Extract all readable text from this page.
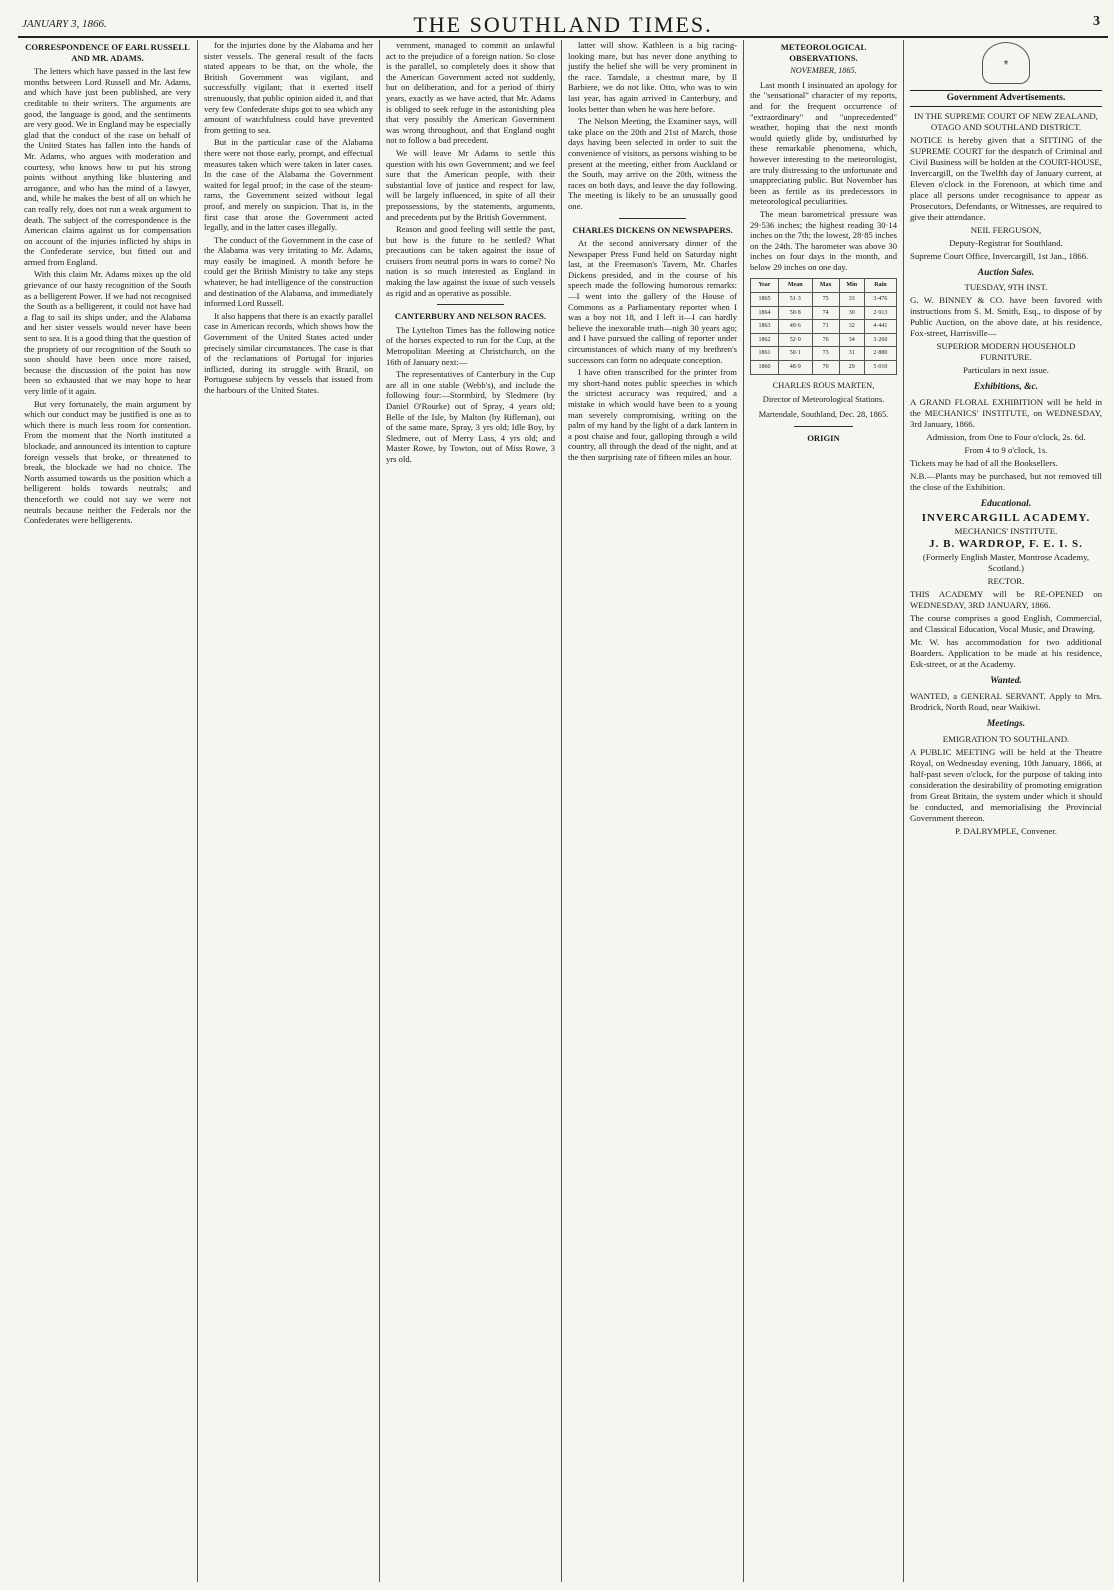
JANUARY 3, 1866.	THE SOUTHLAND TIMES.	3
CORRESPONDENCE OF EARL RUSSELL AND MR. ADAMS.

The letters which have passed in the last few months between Lord Russell and Mr. Adams, and which have just been published, are very creditable to their writers. The arguments are good, the language is good, and the sentiments are very good. We in England may be especially glad that the conduct of the case on behalf of the United States has fallen into the hands of Mr. Adams, who argues with moderation and courtesy, who knows how to put his strong points without anything like blustering and arrogance, and who has the mind of a lawyer, and, while he makes the best of all on which he can really rely, does not run a weak argument to death. The subject of the correspondence is the American claims against us for compensation on account of the injuries inflicted by ships in the Confederate service, but fitted out and armed from England.

With this claim Mr. Adams mixes up the old grievance of our hasty recognition of the South as a belligerent Power. If we had not recognised the South as a belligerent, it could not have had a flag to sail its ships under, and the Alabama and her sister vessels would never have been sent to sea. It is a good thing that the question of the propriety of our recognition of the South so soon should have been once more raised, because the discussion of the point has now been so exhausted that we may hope to hear very little of it again.

But very fortunately, the main argument by which our conduct may be justified is one as to which there is much less room for contention. From the moment that the North instituted a blockade, and announced its intention to capture foreign vessels that broke, or threatened to break, the blockade we had no choice. The North assumed towards us the position which a belligerent holds towards neutrals; and thenceforth we could not say we were not neutrals because neither the Federals nor the Confederates were belligerents.

for the injuries done by the Alabama and her sister vessels. The general result of the facts stated appears to be that, on the whole, the British Government was vigilant, and successfully vigilant; that it exerted itself strenuously, that public opinion aided it, and that very few Confederate ships got to sea which any amount of watchfulness could have prevented from getting to sea.

But in the particular case of the Alabama there were not those early, prompt, and effectual measures taken which were taken in later cases. In the case of the Alabama the Government waited for legal proof; in the case of the steam-rams, the Government seized without legal proof, and merely on suspicion. That is, in the first case that arose the Government acted legally, and in the latter cases illegally.

The conduct of the Government in the case of the Alabama was very irritating to Mr. Adams, may easily be imagined. A month before he could get the British Ministry to take any steps whatever, he had intelligence of the construction and destination of the Alabama, and immediately informed Lord Russell.

It also happens that there is an exactly parallel case in American records, which shows how the Government of the United States acted under precisely similar circumstances. The case is that of the reclamations of Portugal for injuries inflicted, during its struggle with Brazil, on Portuguese subjects by vessels that issued from the harbours of the United States.

vernment, managed to commit an unlawful act to the prejudice of a foreign nation. So close is the parallel, so completely does it show that the American Government acted not suddenly, but on deliberation, and for a period of thirty years, exactly as we have acted, that Mr. Adams is obliged to seek refuge in the astonishing plea that very possibly the American Government was wrong throughout, and that England ought not to follow a bad precedent.

We will leave Mr Adams to settle this question with his own Government; and we feel sure that the American people, with their substantial love of justice and respect for law, will be largely influenced, in spite of all their prepossessions, by the statements, arguments, and precedents put by the British Government.

Reason and good feeling will settle the past, but how is the future to be settled? What precautions can be taken against the issue of cruisers from neutral ports in wars to come? No nation is so much interested as England in making the law against the issue of such vessels as rigid and as operative as possible.

CANTERBURY AND NELSON RACES.

The Lyttelton Times has the following notice of the horses expected to run for the Cup, at the Metropolitan Meeting at Christchurch, on the 16th of January next:—

The representatives of Canterbury in the Cup are all in one stable (Webb's), and include the following four:—Stormbird, by Sledmere (by Daniel O'Rourke) out of Spray, 4 years old; Belle of the Isle, by Malton (by Rifleman), out of the same mare, Spray, 3 yrs old; Idle Boy, by Sledmere, out of Merry Lass, 4 yrs old; and Master Rowe, by Towton, out of Miss Rowe, 3 yrs old.

latter will show. Kathleen is a big racing-looking mare, but has never done anything to justify the belief she will be very prominent in the race. Tarndale, a chestnut mare, by Il Barbiere, we do not like. Otto, who was to win last year, has again arrived in Canterbury, and looks better than when he was here before.

The Nelson Meeting, the Examiner says, will take place on the 20th and 21st of March, those days having been selected in order to suit the convenience of visitors, as persons wishing to be present at the meeting, either from Auckland or the South, may arrive on the 20th, witness the races on both days, and leave the day following. The meeting is likely to be an unusually good one.

CHARLES DICKENS ON NEWSPAPERS.

At the second anniversary dinner of the Newspaper Press Fund held on Saturday night last, at the Freemason's Tavern, Mr. Charles Dickens presided, and in the course of his speech made the following humorous remarks:—I went into the gallery of the House of Commons as a Parliamentary reporter when I was a boy not 18, and I left it—I can hardly believe the inexorable truth—nigh 30 years ago; and I have pursued the calling of reporter under circumstances of which many of my brethren's successors can form no adequate conception.

I have often transcribed for the printer from my short-hand notes public speeches in which the strictest accuracy was required, and a mistake in which would have been to a young man severely compromising, writing on the palm of my hand by the light of a dark lantern in a post chaise and four, galloping through a wild country, all through the dead of the night, and at the then surprising rate of fifteen miles an hour.

METEOROLOGICAL OBSERVATIONS.
NOVEMBER, 1865.

Last month I insinuated an apology for the "sensational" character of my reports, and for the frequent occurrence of "extraordinary" and "unprecedented" weather, hoping that the next month would quietly glide by, undisturbed by these remarkable phenomena, which, however interesting to the meteorologist, are truly distressing to the unfortunate and unappreciating public. But November has been as fertile as its predecessors in meteorological peculiarities.

The mean barometrical pressure was 29·536 inches; the highest reading 30·14 inches on the 7th; the lowest, 28·85 inches on the 24th. The barometer was above 30 inches on four days in the month, and below 29 inches on one day.

Year	Mean	Max	Min	Rain
1865	51·3	75	33	3·476
1864	50·8	74	30	2·913
1863	49·6	71	32	4·441
1862	52·0	76	34	3·260
1861	50·1	73	31	2·880
1860	48·9	70	29	5·010
CHARLES ROUS MARTEN,
Director of Meteorological Stations.
Martendale, Southland, Dec. 28, 1865.
ORIGIN
⚜
Government Advertisements.

IN THE SUPREME COURT OF NEW ZEALAND, OTAGO AND SOUTHLAND DISTRICT.

NOTICE is hereby given that a SITTING of the SUPREME COURT for the despatch of Criminal and Civil Business will be holden at the COURT-HOUSE, Invercargill, on the Twelfth day of January current, at Eleven o'clock in the Forenoon, at which time and place all persons under recognisance to appear as Prosecutors, Defendants, or Witnesses, are required to give their attendance.

NEIL FERGUSON,

Deputy-Registrar for Southland.

Supreme Court Office, Invercargill, 1st Jan., 1866.

Auction Sales.

TUESDAY, 9TH INST.

G. W. BINNEY & CO. have been favored with instructions from S. M. Smith, Esq., to dispose of by Public Auction, on the above date, at his residence, Fox-street, Harrisville—

SUPERIOR MODERN HOUSEHOLD FURNITURE.

Particulars in next issue.

Exhibitions, &c.

A GRAND FLORAL EXHIBITION will be held in the MECHANICS' INSTITUTE, on WEDNESDAY, 3rd January, 1866.

Admission, from One to Four o'clock, 2s. 6d.

From 4 to 9 o'clock, 1s.

Tickets may be had of all the Booksellers.

N.B.—Plants may be purchased, but not removed till the close of the Exhibition.

Educational.

INVERCARGILL ACADEMY.

MECHANICS' INSTITUTE.

J. B. WARDROP, F. E. I. S.

(Formerly English Master, Montrose Academy, Scotland.)

RECTOR.

THIS ACADEMY will be RE-OPENED on WEDNESDAY, 3RD JANUARY, 1866.

The course comprises a good English, Commercial, and Classical Education, Vocal Music, and Drawing.

Mr. W. has accommodation for two additional Boarders. Application to be made at his residence, Esk-street, or at the Academy.

Wanted.

WANTED, a GENERAL SERVANT. Apply to Mrs. Brodrick, North Road, near Waikiwi.

Meetings.

EMIGRATION TO SOUTHLAND.

A PUBLIC MEETING will be held at the Theatre Royal, on Wednesday evening, 10th January, 1866, at half-past seven o'clock, for the purpose of taking into consideration the desirability of promoting emigration from Great Britain, the system under which it should be conducted, and memorialising the Provincial Government thereon.

P. DALRYMPLE, Convener.
